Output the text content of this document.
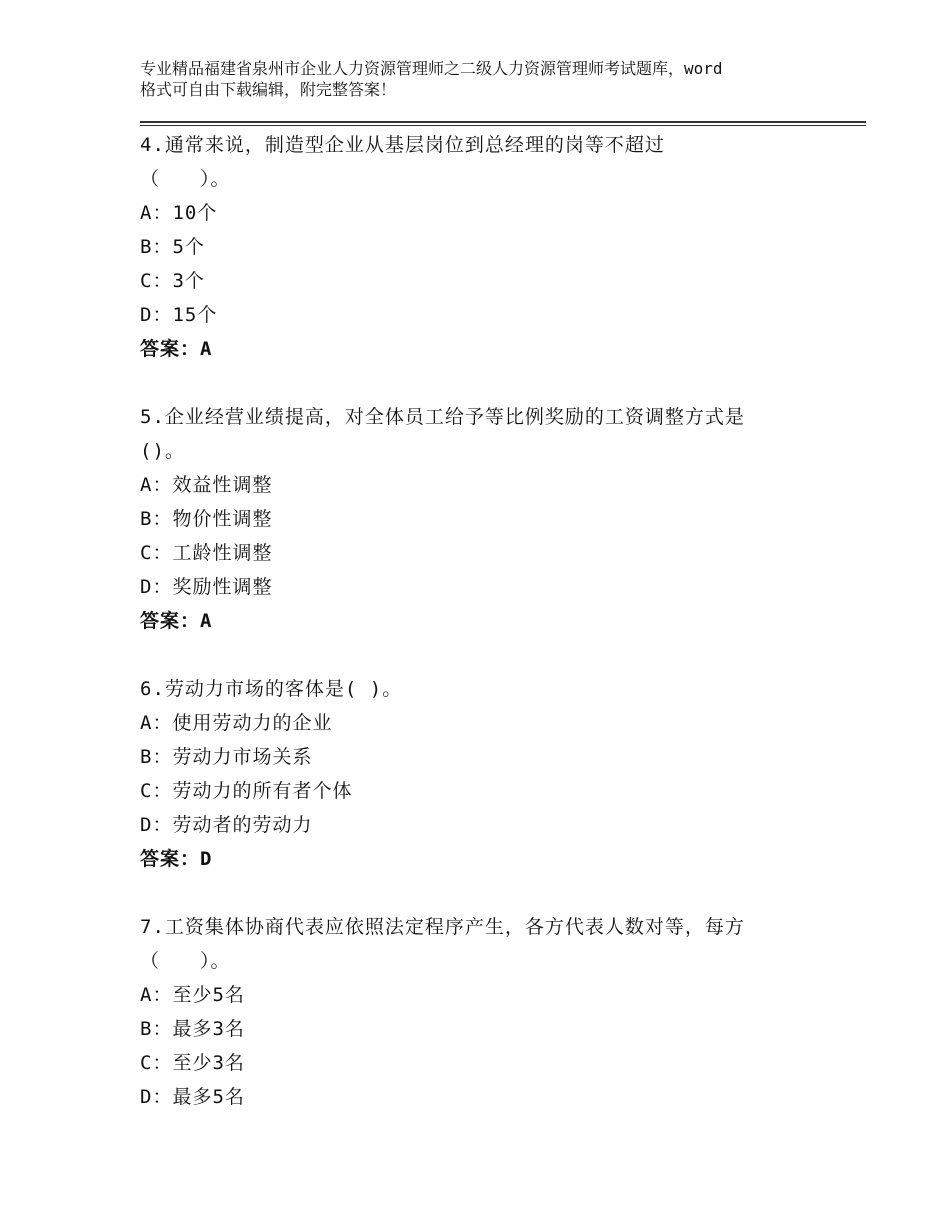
专业精品福建省泉州市企业人力资源管理师之二级人力资源管理师考试题库，word
格式可自由下载编辑，附完整答案！
4.通常来说，制造型企业从基层岗位到总经理的岗等不超过
（　　）。
A：10个
B：5个
C：3个
D：15个
答案：A
5.企业经营业绩提高，对全体员工给予等比例奖励的工资调整方式是
()。
A：效益性调整
B：物价性调整
C：工龄性调整
D：奖励性调整
答案：A
6.劳动力市场的客体是( )。
A：使用劳动力的企业
B：劳动力市场关系
C：劳动力的所有者个体
D：劳动者的劳动力
答案：D
7.工资集体协商代表应依照法定程序产生，各方代表人数对等，每方
（　　）。
A：至少5名
B：最多3名
C：至少3名
D：最多5名
